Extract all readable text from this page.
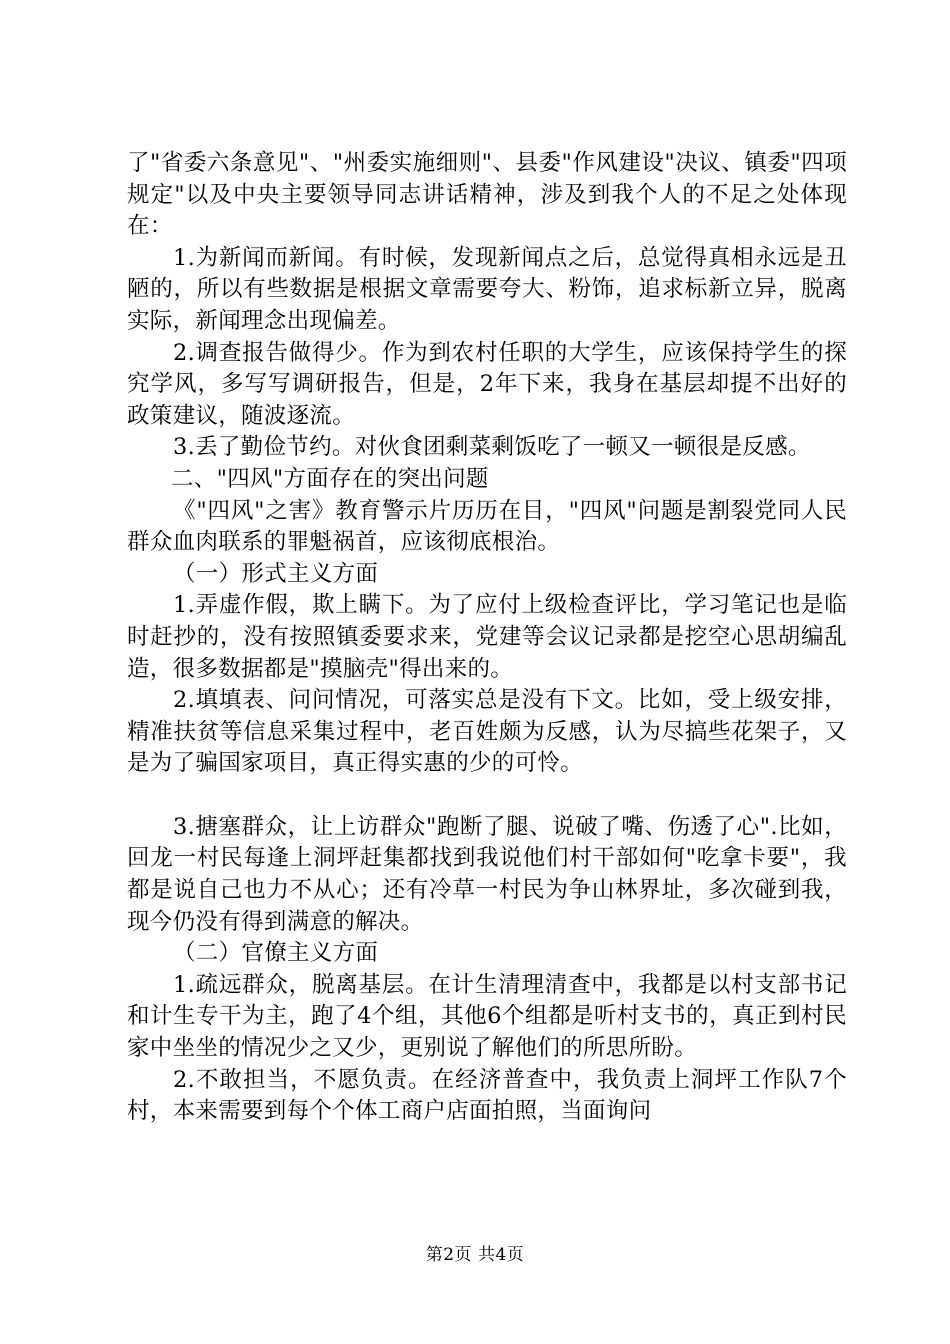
了"省委六条意见"、"州委实施细则"、县委"作风建设"决议、镇委"四项规定"以及中央主要领导同志讲话精神，涉及到我个人的不足之处体现在：

1.为新闻而新闻。有时候，发现新闻点之后，总觉得真相永远是丑陋的，所以有些数据是根据文章需要夸大、粉饰，追求标新立异，脱离实际，新闻理念出现偏差。

2.调查报告做得少。作为到农村任职的大学生，应该保持学生的探究学风，多写写调研报告，但是，2年下来，我身在基层却提不出好的政策建议，随波逐流。

3.丢了勤俭节约。对伙食团剩菜剩饭吃了一顿又一顿很是反感。

二、"四风"方面存在的突出问题

《"四风"之害》教育警示片历历在目，"四风"问题是割裂党同人民群众血肉联系的罪魁祸首，应该彻底根治。

（一）形式主义方面

1.弄虚作假，欺上瞒下。为了应付上级检查评比，学习笔记也是临时赶抄的，没有按照镇委要求来，党建等会议记录都是挖空心思胡编乱造，很多数据都是"摸脑壳"得出来的。

2.填填表、问问情况，可落实总是没有下文。比如，受上级安排，精准扶贫等信息采集过程中，老百姓颇为反感，认为尽搞些花架子，又是为了骗国家项目，真正得实惠的少的可怜。

3.搪塞群众，让上访群众"跑断了腿、说破了嘴、伤透了心".比如，回龙一村民每逢上洞坪赶集都找到我说他们村干部如何"吃拿卡要"，我都是说自己也力不从心；还有冷草一村民为争山林界址，多次碰到我，现今仍没有得到满意的解决。

（二）官僚主义方面

1.疏远群众，脱离基层。在计生清理清查中，我都是以村支部书记和计生专干为主，跑了4个组，其他6个组都是听村支书的，真正到村民家中坐坐的情况少之又少，更别说了解他们的所思所盼。

2.不敢担当，不愿负责。在经济普查中，我负责上洞坪工作队7个村，本来需要到每个个体工商户店面拍照，当面询问

第2页 共4页
